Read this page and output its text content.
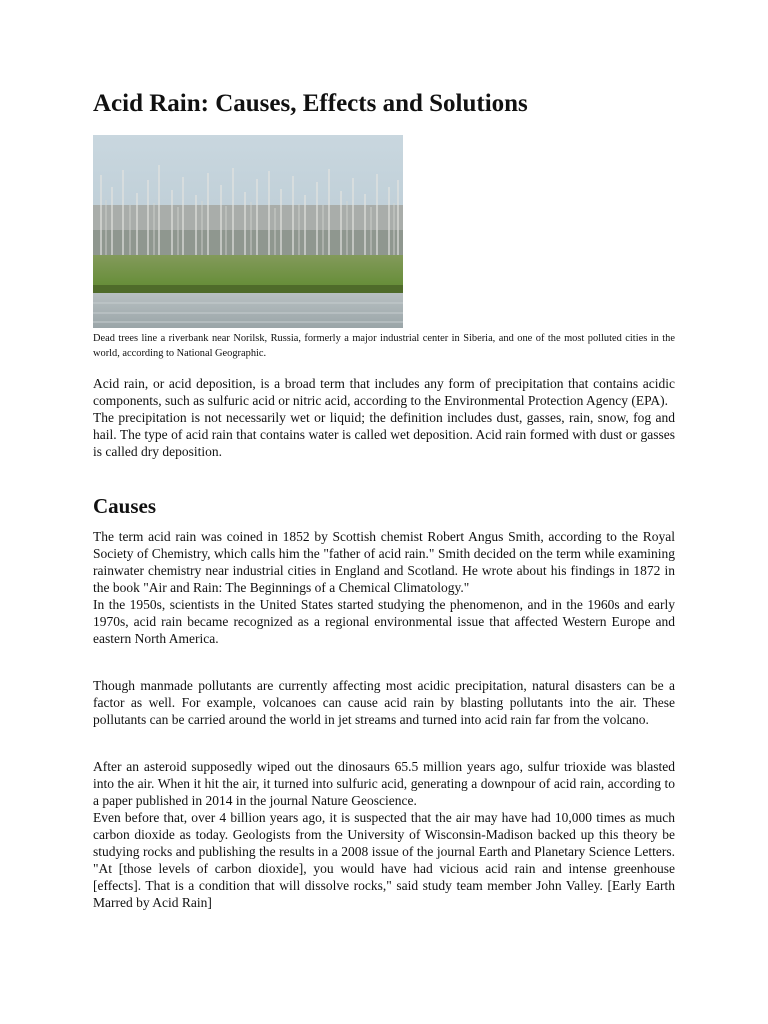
Acid Rain: Causes, Effects and Solutions

Dead trees line a riverbank near Norilsk, Russia, formerly a major industrial center in Siberia, and one of the most polluted cities in the world, according to National Geographic.

Acid rain, or acid deposition, is a broad term that includes any form of precipitation that contains acidic components, such as sulfuric acid or nitric acid, according to the Environmental Protection Agency (EPA).

The precipitation is not necessarily wet or liquid; the definition includes dust, gasses, rain, snow, fog and hail. The type of acid rain that contains water is called wet deposition. Acid rain formed with dust or gasses is called dry deposition.

Causes

The term acid rain was coined in 1852 by Scottish chemist Robert Angus Smith, according to the Royal Society of Chemistry, which calls him the "father of acid rain." Smith decided on the term while examining rainwater chemistry near industrial cities in England and Scotland. He wrote about his findings in 1872 in the book "Air and Rain: The Beginnings of a Chemical Climatology."

In the 1950s, scientists in the United States started studying the phenomenon, and in the 1960s and early 1970s, acid rain became recognized as a regional environmental issue that affected Western Europe and eastern North America.

Though manmade pollutants are currently affecting most acidic precipitation, natural disasters can be a factor as well. For example, volcanoes can cause acid rain by blasting pollutants into the air. These pollutants can be carried around the world in jet streams and turned into acid rain far from the volcano.

After an asteroid supposedly wiped out the dinosaurs 65.5 million years ago, sulfur trioxide was blasted into the air. When it hit the air, it turned into sulfuric acid, generating a downpour of acid rain, according to a paper published in 2014 in the journal Nature Geoscience.

Even before that, over 4 billion years ago, it is suspected that the air may have had 10,000 times as much carbon dioxide as today. Geologists from the University of Wisconsin-Madison backed up this theory be studying rocks and publishing the results in a 2008 issue of the journal Earth and Planetary Science Letters. "At [those levels of carbon dioxide], you would have had vicious acid rain and intense greenhouse [effects]. That is a condition that will dissolve rocks," said study team member John Valley. [Early Earth Marred by Acid Rain]
